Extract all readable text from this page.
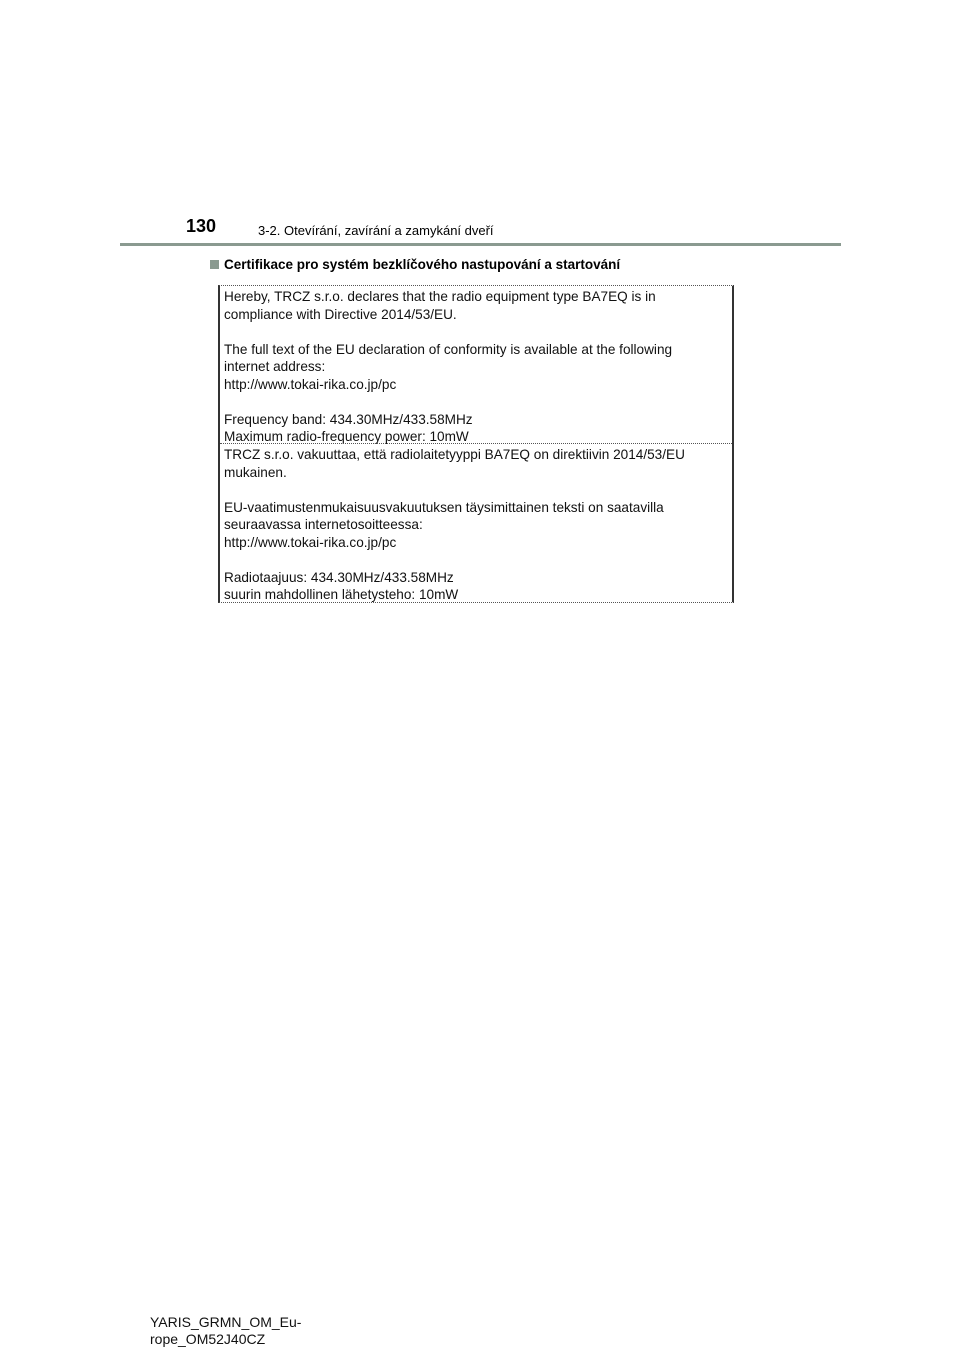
130	3-2. Otevírání, zavírání a zamykání dveří
Certifikace pro systém bezklíčového nastupování a startování

Hereby, TRCZ s.r.o. declares that the radio equipment type BA7EQ is in

compliance with Directive 2014/53/EU.

The full text of the EU declaration of conformity is available at the following

internet address:

http://www.tokai-rika.co.jp/pc

Frequency band: 434.30MHz/433.58MHz

Maximum radio-frequency power: 10mW

TRCZ s.r.o. vakuuttaa, että radiolaitetyyppi BA7EQ on direktiivin 2014/53/EU

mukainen.

EU-vaatimustenmukaisuusvakuutuksen täysimittainen teksti on saatavilla

seuraavassa internetosoitteessa:

http://www.tokai-rika.co.jp/pc

Radiotaajuus: 434.30MHz/433.58MHz

suurin mahdollinen lähetysteho: 10mW

YARIS_GRMN_OM_Eu-
rope_OM52J40CZ
